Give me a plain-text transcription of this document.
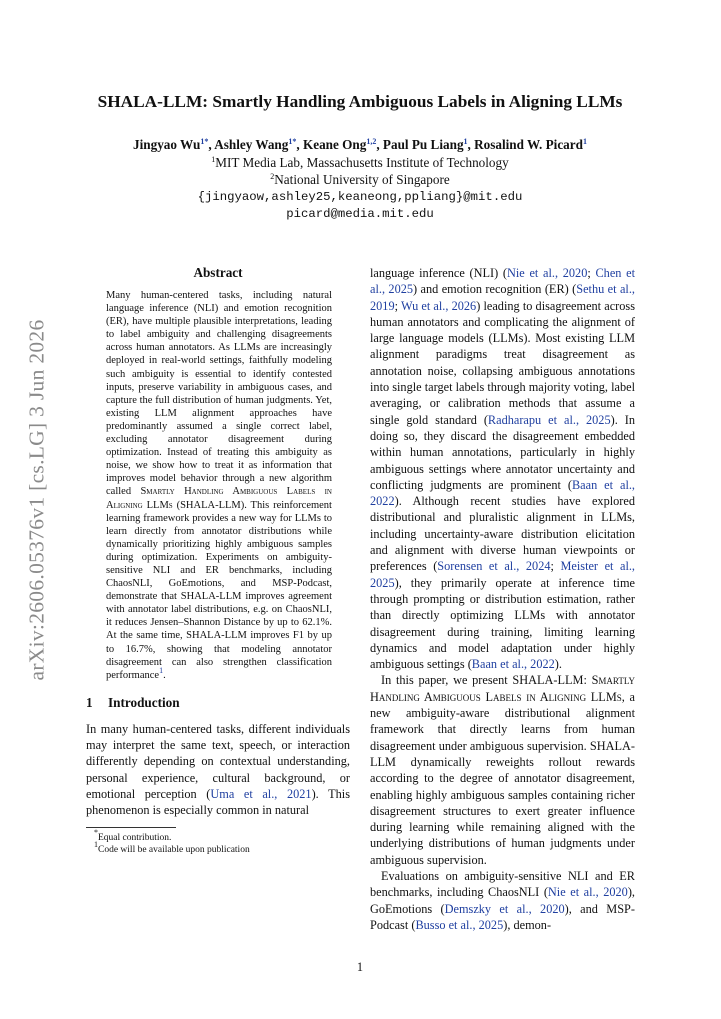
arXiv:2606.05376v1 [cs.LG] 3 Jun 2026
SHALA-LLM: Smartly Handling Ambiguous Labels in Aligning LLMs
Jingyao $Wu^{1*}$, Ashley Wang$^{1*}$, Keane Ong$^{1,2}$, Paul Pu Liang$^1$, Rosalind W. Picard$^1$
$^1$MIT Media Lab, Massachusetts Institute of Technology
$^2$National University of Singapore
{jingyaow,ashley25,keaneong,ppliang}@mit.edu
picard@media.mit.edu
Abstract

Many human-centered tasks, including natural language inference (NLI) and emotion recognition (ER), have multiple plausible interpretations, leading to label ambiguity and challenging disagreements across human annotators. As LLMs are increasingly deployed in real-world settings, faithfully modeling such ambiguity is essential to identify contested inputs, preserve variability in ambiguous cases, and capture the full distribution of human judgments. Yet, existing LLM alignment approaches have predominantly assumed a single correct label, excluding annotator disagreement during optimization. Instead of treating this ambiguity as noise, we show how to treat it as information that improves model behavior through a new algorithm called Smartly Handling Ambiguous Labels in Aligning LLMs (SHALA-LLM). This reinforcement learning framework provides a new way for LLMs to learn directly from annotator distributions while dynamically prioritizing highly ambiguous samples during optimization. Experiments on ambiguity-sensitive NLI and ER benchmarks, including ChaosNLI, GoEmotions, and MSP-Podcast, demonstrate that SHALA-LLM improves agreement with annotator label distributions, e.g. on ChaosNLI, it reduces Jensen–Shannon Distance by up to 62.1%. At the same time, SHALA-LLM improves F1 by up to 16.7%, showing that modeling annotator disagreement can also strengthen classification performance$^1$.

1 Introduction

In many human-centered tasks, different individuals may interpret the same text, speech, or interaction differently depending on contextual understanding, personal experience, cultural background, or emotional perception (Uma et al., 2021). This phenomenon is especially common in natural

*Equal contribution.
$^1$Code will be available upon publication

language inference (NLI) (Nie et al., 2020; Chen et al., 2025) and emotion recognition (ER) (Sethu et al., 2019; Wu et al., 2026) leading to disagreement across human annotators and complicating the alignment of large language models (LLMs). Most existing LLM alignment paradigms treat disagreement as annotation noise, collapsing ambiguous annotations into single target labels through majority voting, label averaging, or calibration methods that assume a single gold standard (Radharapu et al., 2025). In doing so, they discard the disagreement embedded within human annotations, particularly in highly ambiguous settings where annotator uncertainty and conflicting judgments are prominent (Baan et al., 2022). Although recent studies have explored distributional and pluralistic alignment in LLMs, including uncertainty-aware distribution elicitation and alignment with diverse human viewpoints or preferences (Sorensen et al., 2024; Meister et al., 2025), they primarily operate at inference time through prompting or distribution estimation, rather than directly optimizing LLMs with annotator disagreement during training, limiting learning dynamics and model adaptation under highly ambiguous settings (Baan et al., 2022).

In this paper, we present SHALA-LLM: Smartly Handling Ambiguous Labels in Aligning LLMs, a new ambiguity-aware distributional alignment framework that directly learns from human disagreement under ambiguous supervision. SHALA-LLM dynamically reweights rollout rewards according to the degree of annotator disagreement, enabling highly ambiguous samples containing richer disagreement structures to exert greater influence during learning while remaining aligned with the underlying distributions of human judgments under ambiguous supervision.

Evaluations on ambiguity-sensitive NLI and ER benchmarks, including ChaosNLI (Nie et al., 2020), GoEmotions (Demszky et al., 2020), and MSP-Podcast (Busso et al., 2025), demon-

1
